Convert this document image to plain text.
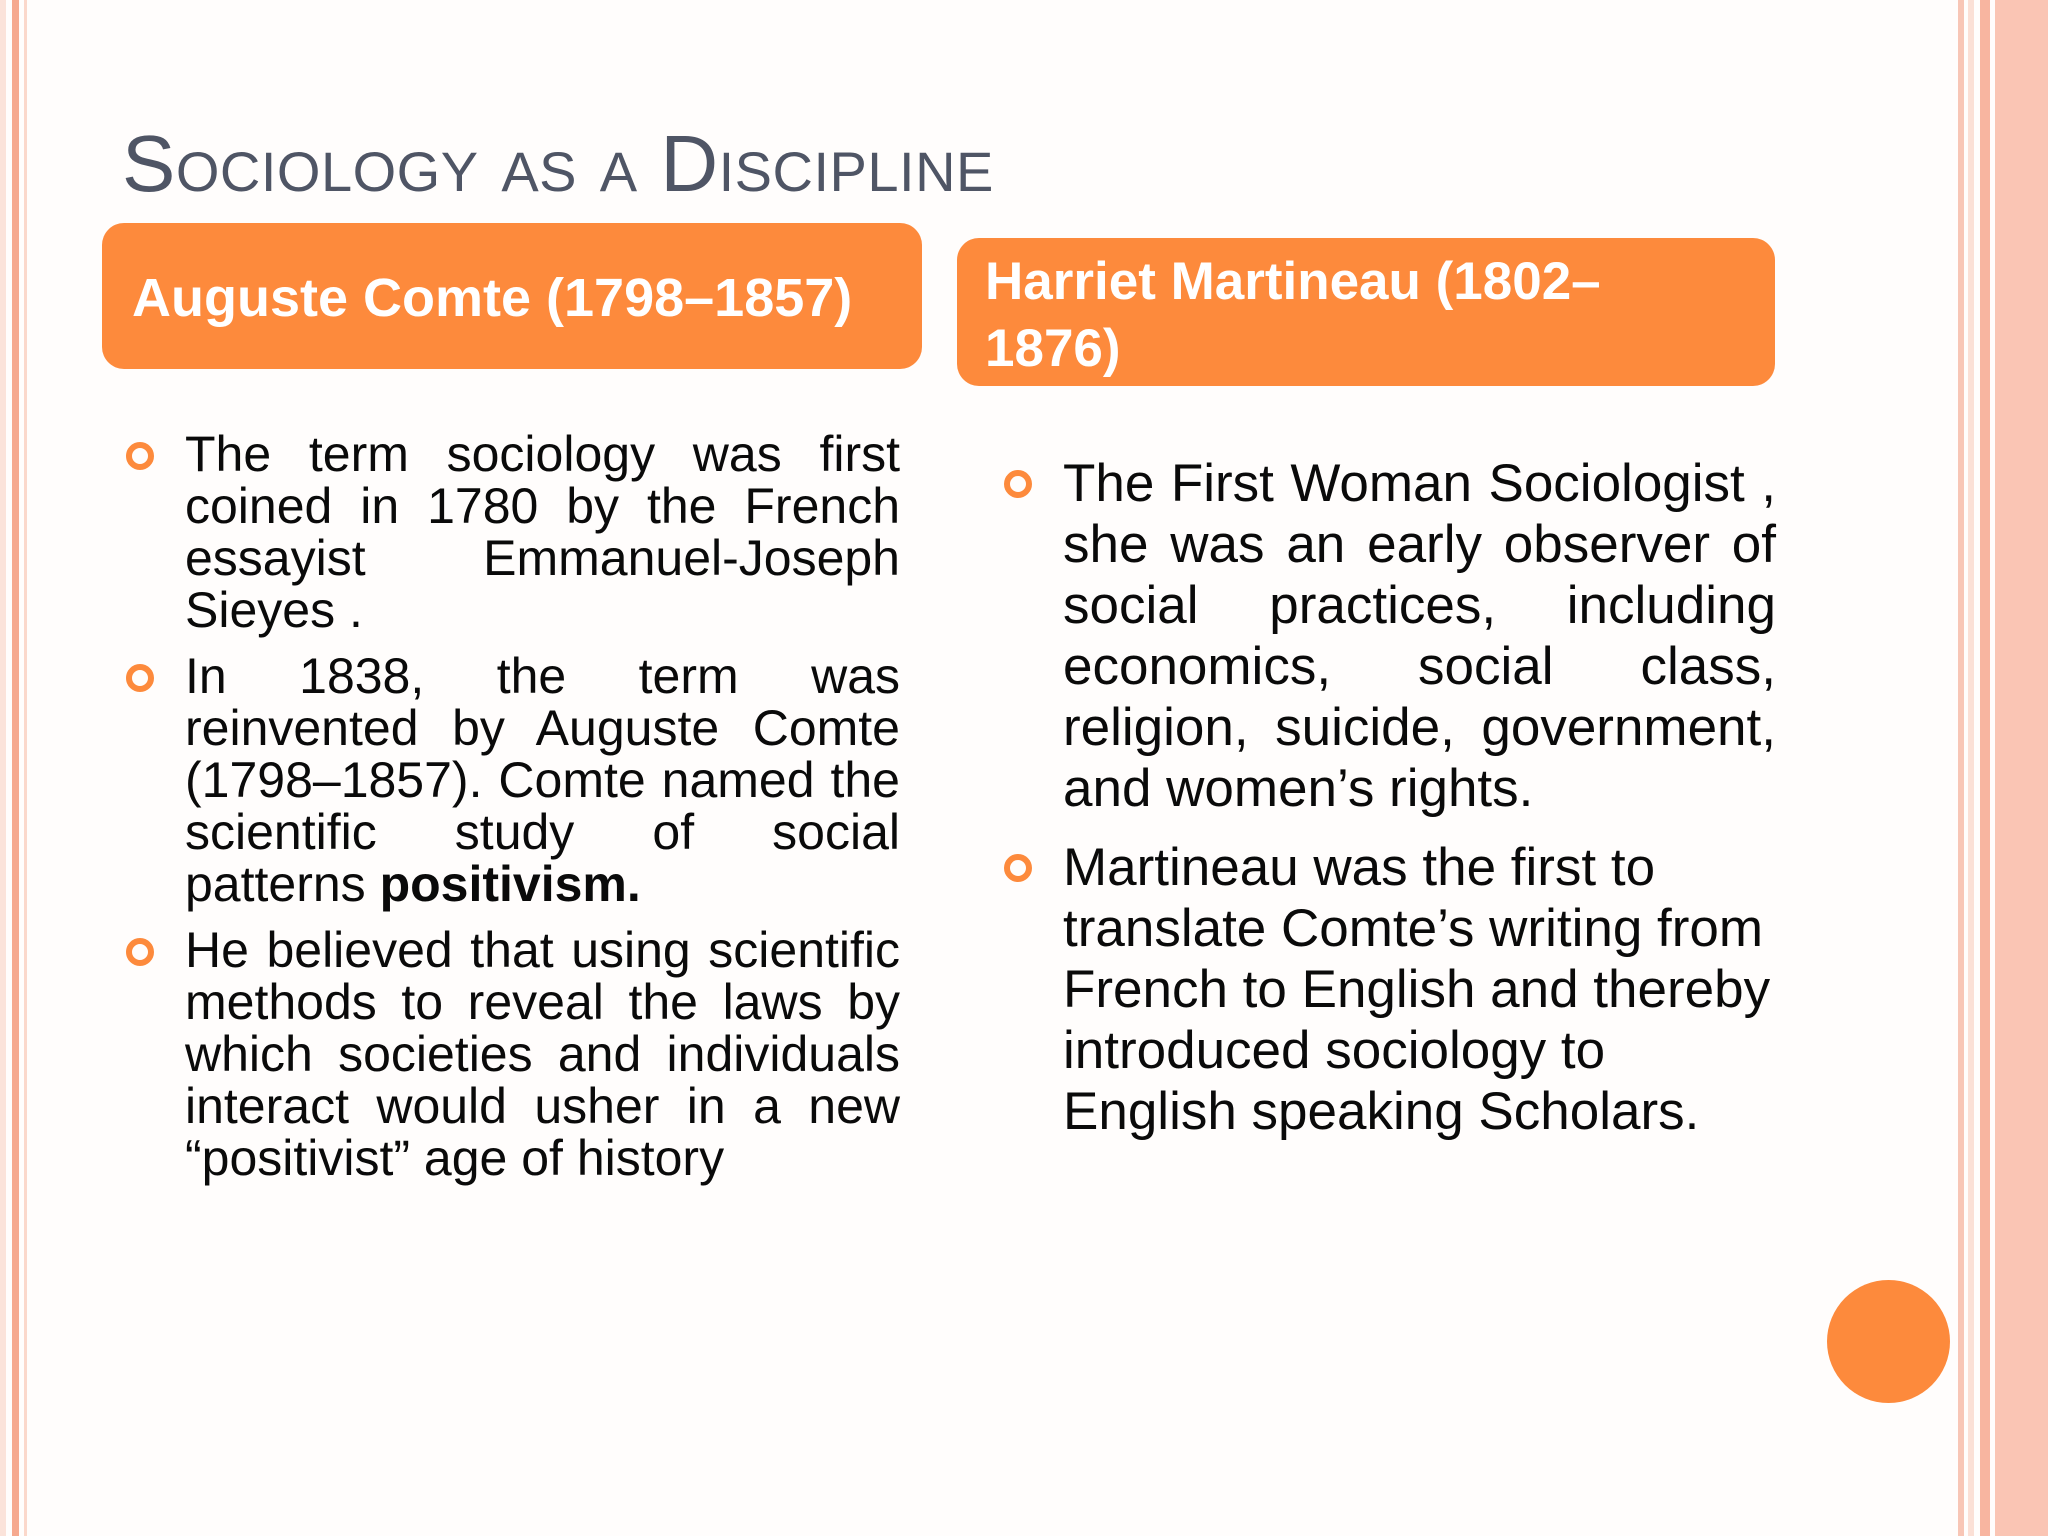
Sociology as a Discipline
Auguste Comte (1798–1857)	Harriet Martineau (1802–1876)
The term sociology was first coined in 1780 by the French essayist Emmanuel-Joseph Sieyes .
In 1838, the term was reinvented by Auguste Comte (1798–1857). Comte named the scientific study of social patterns positivism.
He believed that using scientific methods to reveal the laws by which societies and individuals interact would usher in a new “positivist” age of history
The First Woman Sociologist , she was an early observer of social practices, including economics, social class, religion, suicide, government, and women’s rights.
Martineau was the first to translate Comte’s writing from French to English and thereby introduced sociology to English speaking Scholars.
